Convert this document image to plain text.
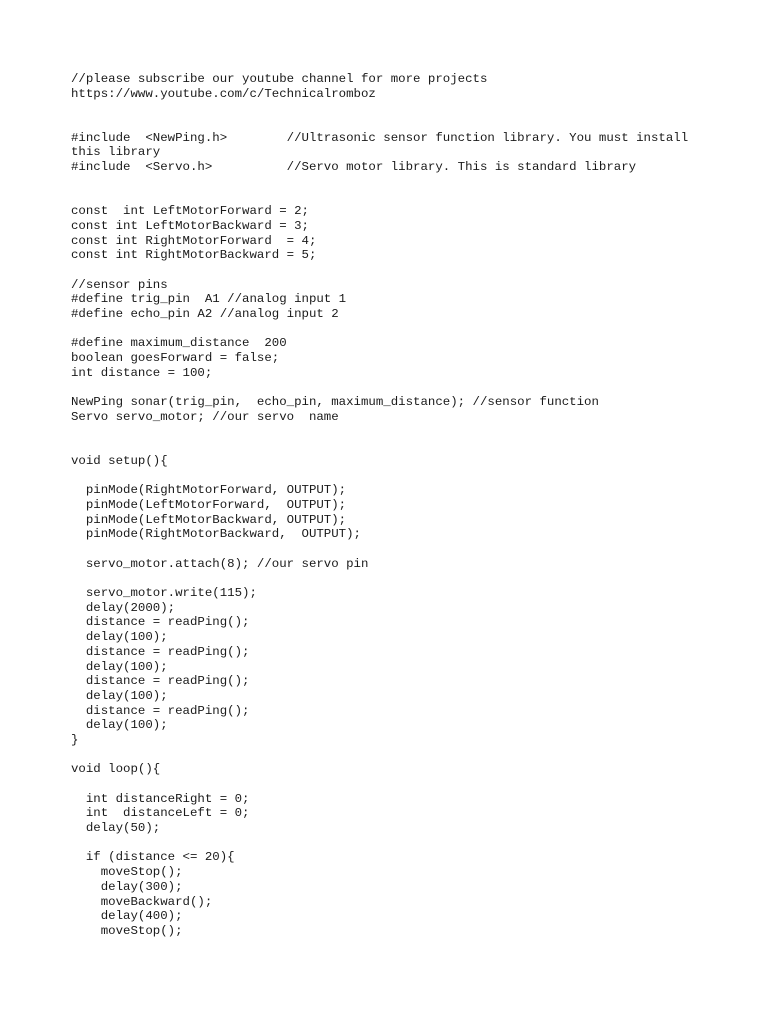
//please subscribe our youtube channel for more projects
https://www.youtube.com/c/Technicalromboz
#include  <NewPing.h>        //Ultrasonic sensor function library. You must install
this library
#include  <Servo.h>          //Servo motor library. This is standard library
const  int LeftMotorForward = 2;
const int LeftMotorBackward = 3;
const int RightMotorForward  = 4;
const int RightMotorBackward = 5;
//sensor pins
#define trig_pin  A1 //analog input 1
#define echo_pin A2 //analog input 2
#define maximum_distance  200
boolean goesForward = false;
int distance = 100;
NewPing sonar(trig_pin,  echo_pin, maximum_distance); //sensor function
Servo servo_motor; //our servo  name
void setup(){
pinMode(RightMotorForward, OUTPUT);
pinMode(LeftMotorForward,  OUTPUT);
pinMode(LeftMotorBackward, OUTPUT);
pinMode(RightMotorBackward,  OUTPUT);
servo_motor.attach(8); //our servo pin
servo_motor.write(115);
delay(2000);
distance = readPing();
delay(100);
distance = readPing();
delay(100);
distance = readPing();
delay(100);
distance = readPing();
delay(100);
}
void loop(){
int distanceRight = 0;
int  distanceLeft = 0;
delay(50);
if (distance <= 20){
moveStop();
delay(300);
moveBackward();
delay(400);
moveStop();
